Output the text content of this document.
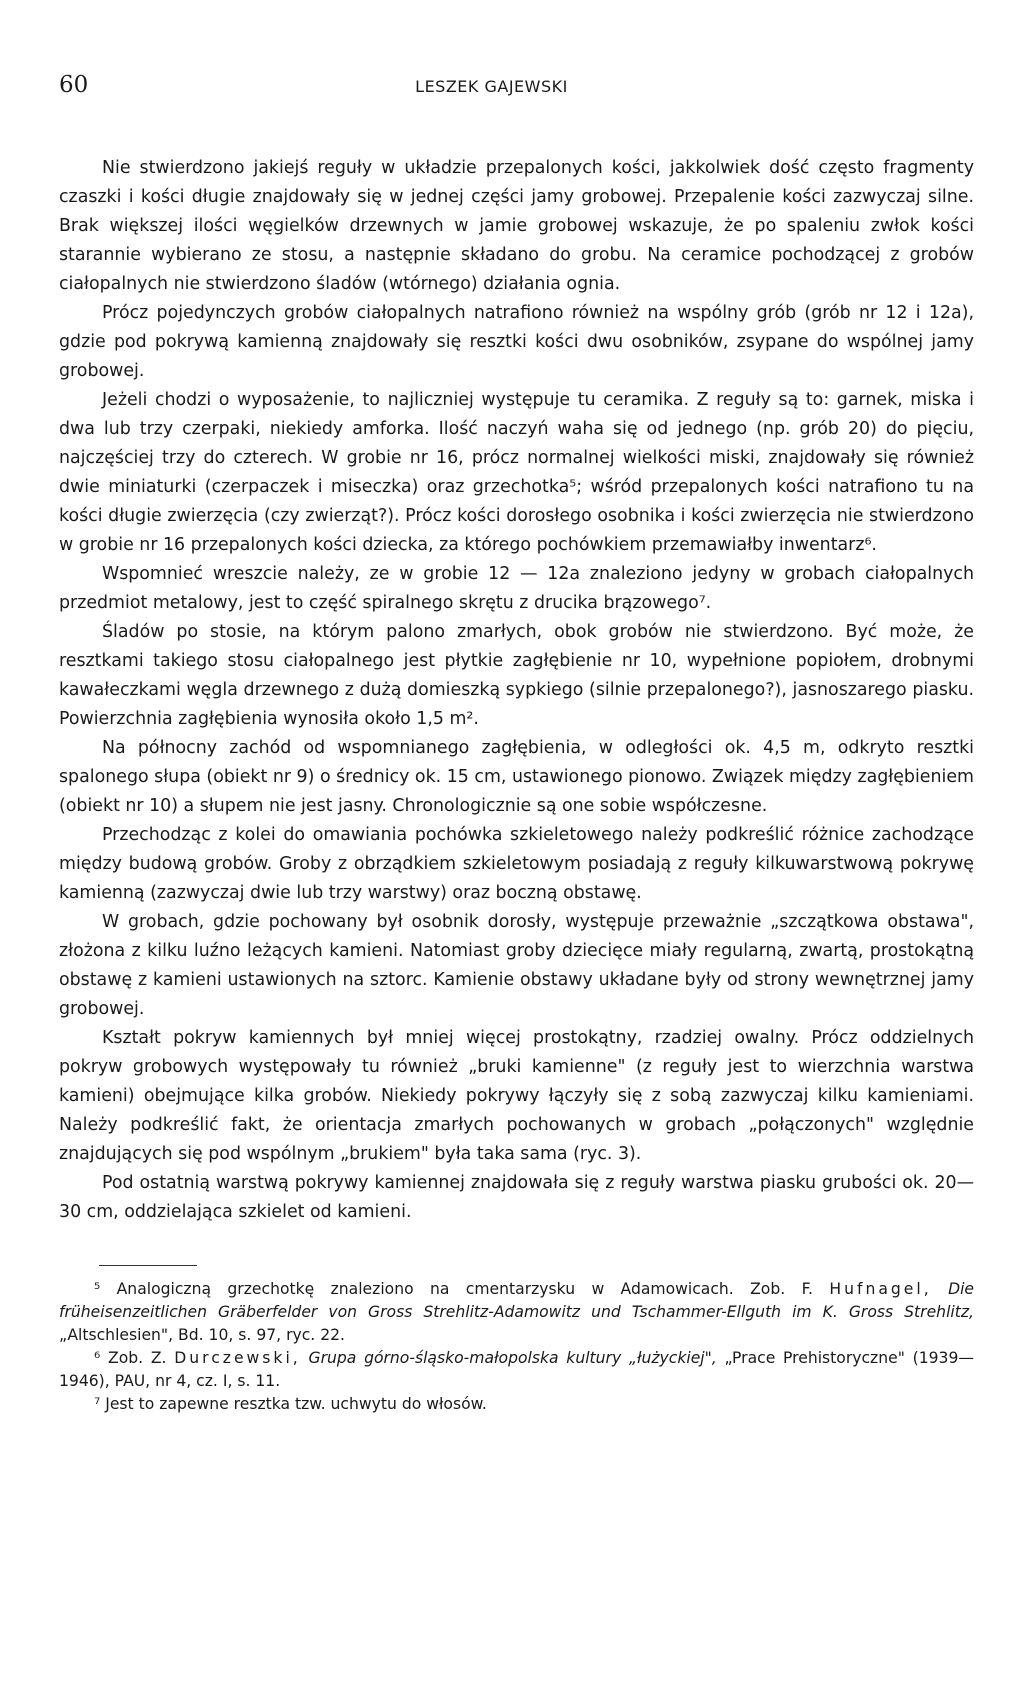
60	LESZEK GAJEWSKI

Nie stwierdzono jakiejś reguły w układzie przepalonych kości, jakkolwiek dość często fragmenty czaszki i kości długie znajdowały się w jednej części jamy grobowej. Przepalenie kości zazwyczaj silne. Brak większej ilości węgielków drzewnych w jamie grobowej wskazuje, że po spaleniu zwłok kości starannie wybierano ze stosu, a następnie składano do grobu. Na ceramice pochodzącej z grobów ciałopalnych nie stwierdzono śladów (wtórnego) działania ognia.

Prócz pojedynczych grobów ciałopalnych natrafiono również na wspólny grób (grób nr 12 i 12a), gdzie pod pokrywą kamienną znajdowały się resztki kości dwu osobników, zsypane do wspólnej jamy grobowej.

Jeżeli chodzi o wyposażenie, to najliczniej występuje tu ceramika. Z reguły są to: garnek, miska i dwa lub trzy czerpaki, niekiedy amforka. Ilość naczyń waha się od jednego (np. grób 20) do pięciu, najczęściej trzy do czterech. W grobie nr 16, prócz normalnej wielkości miski, znajdowały się również dwie miniaturki (czerpaczek i miseczka) oraz grzechotka⁵; wśród przepalonych kości natrafiono tu na kości długie zwierzęcia (czy zwierząt?). Prócz kości dorosłego osobnika i kości zwierzęcia nie stwierdzono w grobie nr 16 przepalonych kości dziecka, za którego pochówkiem przemawiałby inwentarz⁶.

Wspomnieć wreszcie należy, ze w grobie 12 — 12a znaleziono jedyny w grobach ciałopalnych przedmiot metalowy, jest to część spiralnego skrętu z drucika brązowego⁷.

Śladów po stosie, na którym palono zmarłych, obok grobów nie stwierdzono. Być może, że resztkami takiego stosu ciałopalnego jest płytkie zagłębienie nr 10, wypełnione popiołem, drobnymi kawałeczkami węgla drzewnego z dużą domieszką sypkiego (silnie przepalonego?), jasnoszarego piasku. Powierzchnia zagłębienia wynosiła około 1,5 m².

Na północny zachód od wspomnianego zagłębienia, w odległości ok. 4,5 m, odkryto resztki spalonego słupa (obiekt nr 9) o średnicy ok. 15 cm, ustawionego pionowo. Związek między zagłębieniem (obiekt nr 10) a słupem nie jest jasny. Chronologicznie są one sobie współczesne.

Przechodząc z kolei do omawiania pochówka szkieletowego należy podkreślić różnice zachodzące między budową grobów. Groby z obrządkiem szkieletowym posiadają z reguły kilkuwarstwową pokrywę kamienną (zazwyczaj dwie lub trzy warstwy) oraz boczną obstawę.

W grobach, gdzie pochowany był osobnik dorosły, występuje przeważnie „szczątkowa obstawa", złożona z kilku luźno leżących kamieni. Natomiast groby dziecięce miały regularną, zwartą, prostokątną obstawę z kamieni ustawionych na sztorc. Kamienie obstawy układane były od strony wewnętrznej jamy grobowej.

Kształt pokryw kamiennych był mniej więcej prostokątny, rzadziej owalny. Prócz oddzielnych pokryw grobowych występowały tu również „bruki kamienne" (z reguły jest to wierzchnia warstwa kamieni) obejmujące kilka grobów. Niekiedy pokrywy łączyły się z sobą zazwyczaj kilku kamieniami. Należy podkreślić fakt, że orientacja zmarłych pochowanych w grobach „połączonych" względnie znajdujących się pod wspólnym „brukiem" była taka sama (ryc. 3).

Pod ostatnią warstwą pokrywy kamiennej znajdowała się z reguły warstwa piasku grubości ok. 20—30 cm, oddzielająca szkielet od kamieni.

⁵ Analogiczną grzechotkę znaleziono na cmentarzysku w Adamowicach. Zob. F. Hufnagel, Die früheisenzeitlichen Gräberfelder von Gross Strehlitz-Adamowitz und Tschammer-Ellguth im K. Gross Strehlitz, „Altschlesien", Bd. 10, s. 97, ryc. 22.

⁶ Zob. Z. Durczewski, Grupa górno-śląsko-małopolska kultury „łużyckiej", „Prace Prehistoryczne" (1939—1946), PAU, nr 4, cz. I, s. 11.

⁷ Jest to zapewne resztka tzw. uchwytu do włosów.
